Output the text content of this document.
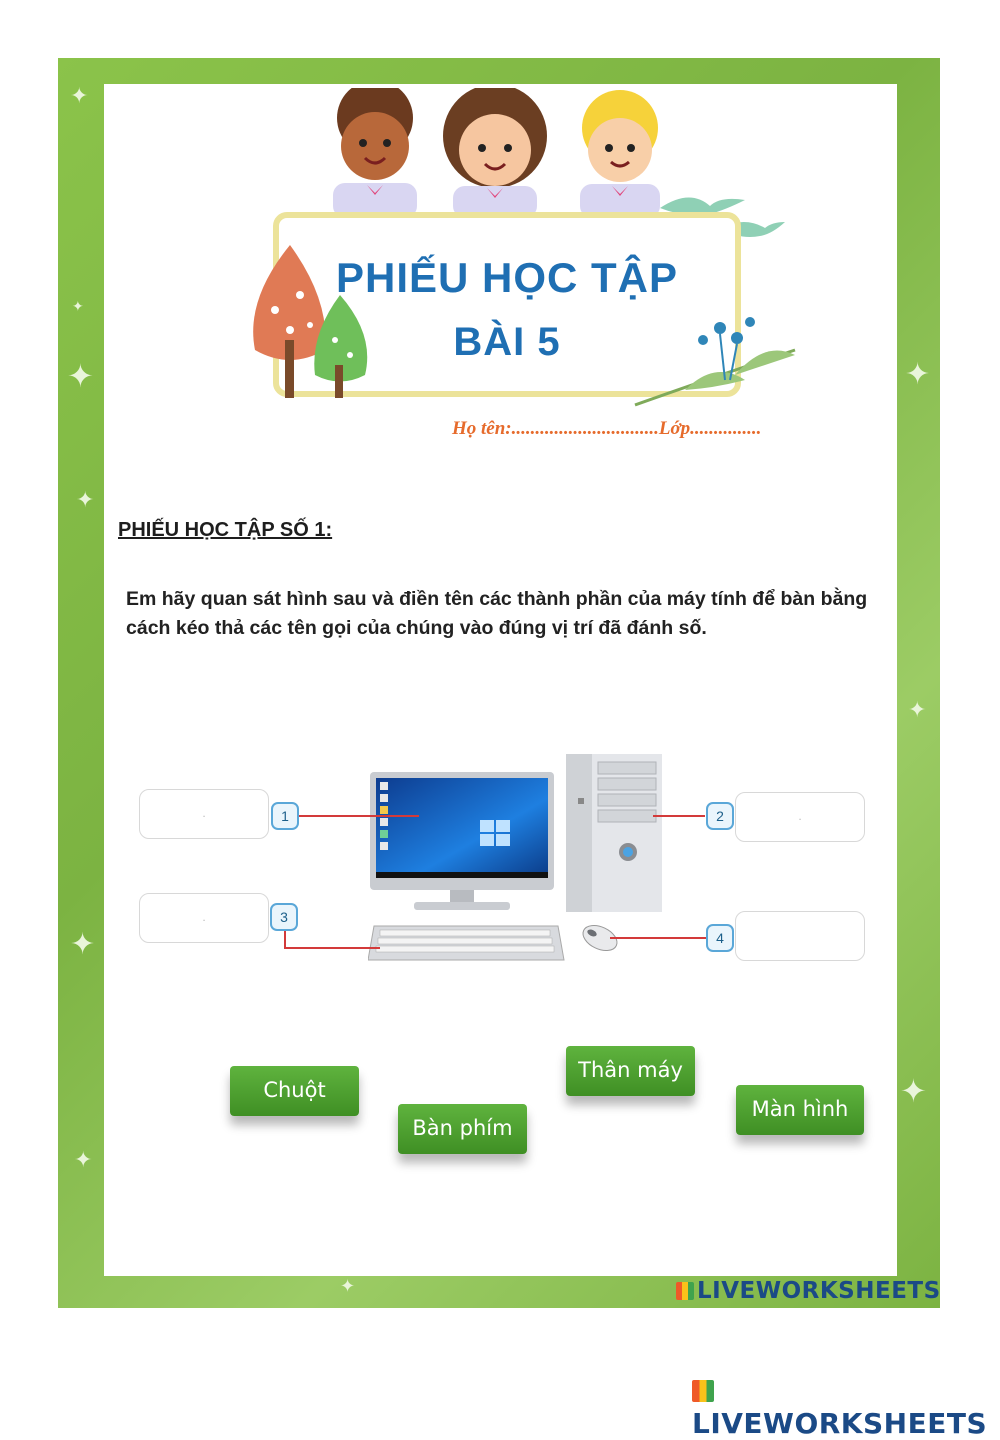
✦
✦
✦
✦
✦
✦
✦
✦
✦
✦
PHIẾU HỌC TẬP
BÀI 5
Họ tên:...............................Lớp...............
PHIẾU HỌC TẬP SỐ 1:
Em hãy quan sát hình sau và điền tên các thành phần của máy tính để bàn bằng cách kéo thả các tên gọi của chúng vào đúng vị trí đã đánh số.
1	2
3
4
.	.
.
Chuột
Bàn phím
Thân máy
Màn hình
LIVEWORKSHEETS
LIVEWORKSHEETS
